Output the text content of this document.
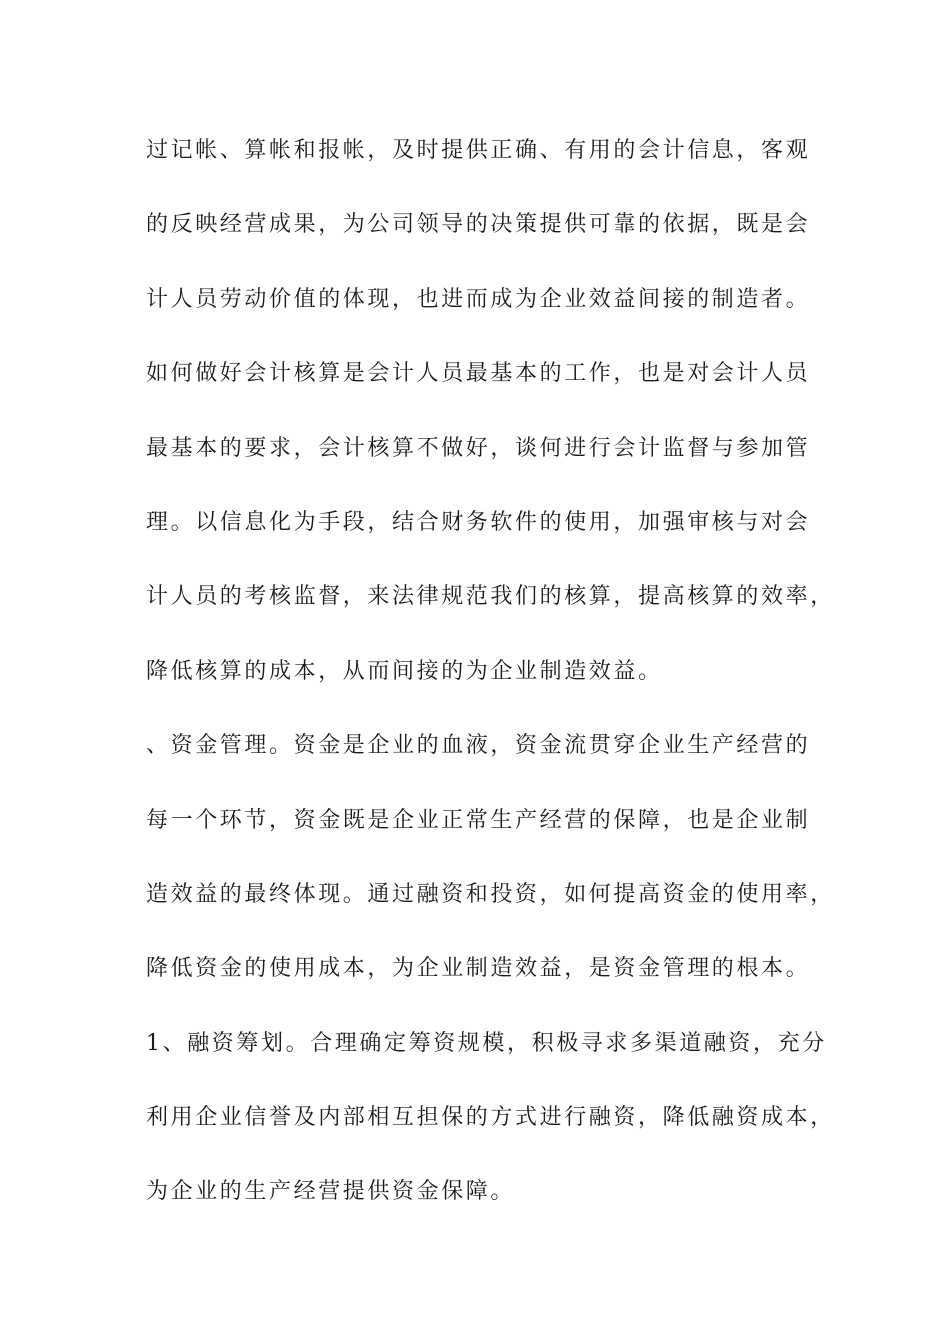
过记帐、算帐和报帐，及时提供正确、有用的会计信息，客观
的反映经营成果，为公司领导的决策提供可靠的依据，既是会
计人员劳动价值的体现，也进而成为企业效益间接的制造者。
如何做好会计核算是会计人员最基本的工作，也是对会计人员
最基本的要求，会计核算不做好，谈何进行会计监督与参加管
理。以信息化为手段，结合财务软件的使用，加强审核与对会
计人员的考核监督，来法律规范我们的核算，提高核算的效率，
降低核算的成本，从而间接的为企业制造效益。
、资金管理。资金是企业的血液，资金流贯穿企业生产经营的
每一个环节，资金既是企业正常生产经营的保障，也是企业制
造效益的最终体现。通过融资和投资，如何提高资金的使用率，
降低资金的使用成本，为企业制造效益，是资金管理的根本。
1、融资筹划。合理确定筹资规模，积极寻求多渠道融资，充分
利用企业信誉及内部相互担保的方式进行融资，降低融资成本，
为企业的生产经营提供资金保障。
